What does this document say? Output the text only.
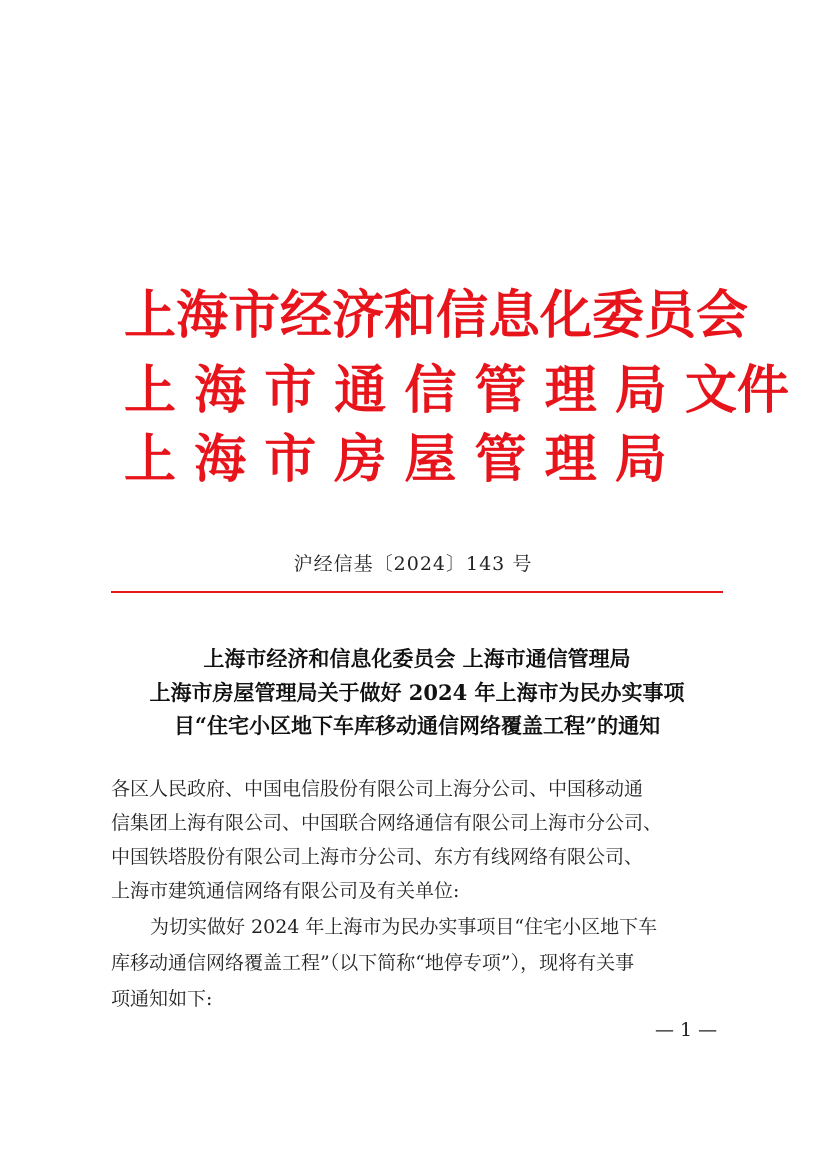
上海市经济和信息化委员会
上 海 市 通 信 管 理 局 文件
上 海 市 房 屋 管 理 局
沪经信基〔2024〕143 号
上海市经济和信息化委员会 上海市通信管理局
上海市房屋管理局关于做好 2024 年上海市为民办实事项
目“住宅小区地下车库移动通信网络覆盖工程”的通知
各区人民政府、中国电信股份有限公司上海分公司、中国移动通
信集团上海有限公司、中国联合网络通信有限公司上海市分公司、
中国铁塔股份有限公司上海市分公司、东方有线网络有限公司、
上海市建筑通信网络有限公司及有关单位:
为切实做好 2024 年上海市为民办实事项目“住宅小区地下车
库移动通信网络覆盖工程”（以下简称“地停专项”），现将有关事
项通知如下:
— 1 —
